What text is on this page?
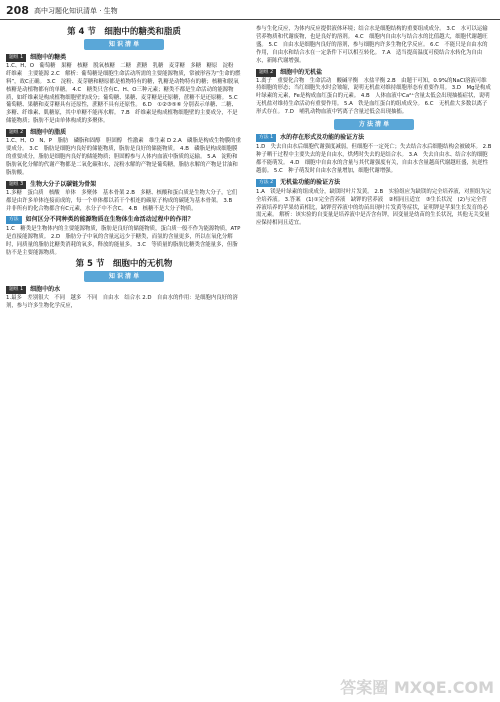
208 高中习题化知识清单 · 生物
第 4 节　细胞中的糖类和脂质
知 识 清 单
题组 1	细胞中的糖类

1.C、H、O　葡萄糖　果糖　核糖　脱氧核糖　二糖　蔗糖　乳糖　麦芽糖　多糖　糖原　淀粉　纤维素　主要能源 2.C　解析：葡萄糖是细胞生命活动所需的主要能源物质，常被形容为“生命的燃料”，故C正确。 3.C　淀粉、麦芽糖和糖原都是植物特有的糖，乳糖是动物特有的糖；核糖和脱氧核糖是动植物都有的单糖。 4.C　糖类只含有C、H、O三种元素；糖类不都是生命活动的能源物质，如纤维素是构成植物细胞壁的成分；葡萄糖、果糖、麦芽糖是还原糖，蔗糖不是还原糖。 5.C　葡萄糖、果糖和麦芽糖具有还原性，蔗糖不具有还原性。 6.D　①②③⑤⑥ 分别表示单糖、二糖、多糖、纤维素、肌糖原，其中单糖不能再水解。 7.B　纤维素是构成植物细胞壁的主要成分，不是储能物质；脂肪不是由单体构成的多聚体。

题组 2	细胞中的脂质

1.C、H、O　N、P　脂肪　磷脂和固醇　胆固醇　性激素　维生素 D 2.A　磷脂是构成生物膜的重要成分。 3.C　脂肪是细胞内良好的储能物质，脂肪是良好的储能物质。 4.B　磷脂是构成细胞膜的重要成分，脂肪是细胞内良好的储能物质；胆固醇参与人体内血液中脂质的运输。 5.A　淀粉和脂肪氧化分解的代谢产物都是二氧化碳和水，淀粉水解的产物是葡萄糖，脂肪水解的产物是甘油和脂肪酸。

题组 3	生物大分子以碳链为骨架

1.多糖　蛋白质　核酸　单体　多聚体　基本骨架 2.B　多糖、核酸和蛋白质是生物大分子，它们都是由许多单体连接而成的，每一个单体都以若干个相连的碳原子构成的碳链为基本骨架。 3.B　并非所有的化合物都含有C元素，水分子中不含C。 4.B　核糖不是大分子物质。

方法	如何区分不同种类的能源物质在生物体生命活动过程中的作用？

1.C　糖类是生物体内的主要能源物质，脂肪是良好的储能物质，蛋白质一般不作为能源物质，ATP是直接能源物质。 2.D　脂肪分子中氧的含量远远少于糖类，而氢的含量更多，所以在氧化分解时，同质量的脂肪比糖类消耗的氧多，释放的能量多。 3.C　等质量的脂肪比糖类含能量多，但脂肪不是主要能源物质。

第 5 节　细胞中的无机物
知 识 清 单
题组 1	细胞中的水

1.最多　差别很大　不同　越多　不同　自由水　结合水 2.D　自由水的作用：是细胞内良好的溶剂，参与许多生物化学反应，

参与生化反应，为体内反应提供液体环境；结合水是细胞结构的重要组成成分。 3.C　水可以运输营养物质和代谢废物，也是良好的溶剂。 4.C　细胞内自由水与结合水的比值越大，细胞代谢越旺盛。 5.C　自由水是细胞内良好的溶剂，参与细胞内许多生物化学反应。 6.C　不能只是自由水的作用，自由水和结合水在一定条件下可以相互转化。 7.A　适当提高温度可使结合水转化为自由水，新陈代谢增强。

题组 2	细胞中的无机盐

1.离子　重要化合物　生命活动　酸碱平衡　水盐平衡 2.B　由题干可知，0.9%的NaCl溶液可维持细胞的形态；当红细胞失水时会皱缩，说明无机盐对维持细胞形态有重要作用。 3.D　Mg是构成叶绿素的元素，Fe是构成血红蛋白的元素。 4.B　人体血液中Ca²⁺含量太低会出现抽搐症状，说明无机盐对维持生命活动有重要作用。 5.A　铁是血红蛋白的组成成分。 6.C　无机盐大多数以离子形式存在。 7.D　哺乳动物血液中钙离子含量过低会出现抽搐。

方 法 清 单
方法 1	水的存在形式及功能的验证方法

1.D　失去自由水后细胞代谢强度减弱，但细胞不一定死亡；失去结合水后细胞结构会被破坏。 2.B　种子晒干过程中主要失去的是自由水，烘烤时失去的是结合水。 3.A　失去自由水、结合水的细胞都不能萌发。 4.D　细胞中自由水的含量与其代谢强度有关，自由水含量越高代谢越旺盛，抗逆性越弱。 5.C　种子萌发时自由水含量增加，细胞代谢增强。

方法 2	无机盐功能的验证方法

1.A　镁是叶绿素的组成成分，缺镁时叶片发黄。 2.B　实验组应为缺镁的完全培养液，对照组为完全培养液。 3.答案　(1)①完全营养液　缺钾的营养液　②相同且适宜　③生长状况　(2)与完全营养液培养的苹果幼苗相比，缺钾营养液中的幼苗出现叶片发黄等症状，证明钾是苹果生长发育的必需元素。 解析：该实验的自变量是培养液中是否含有钾，因变量是幼苗的生长状况，其他无关变量应保持相同且适宜。

答案圈 MXQE.COM
